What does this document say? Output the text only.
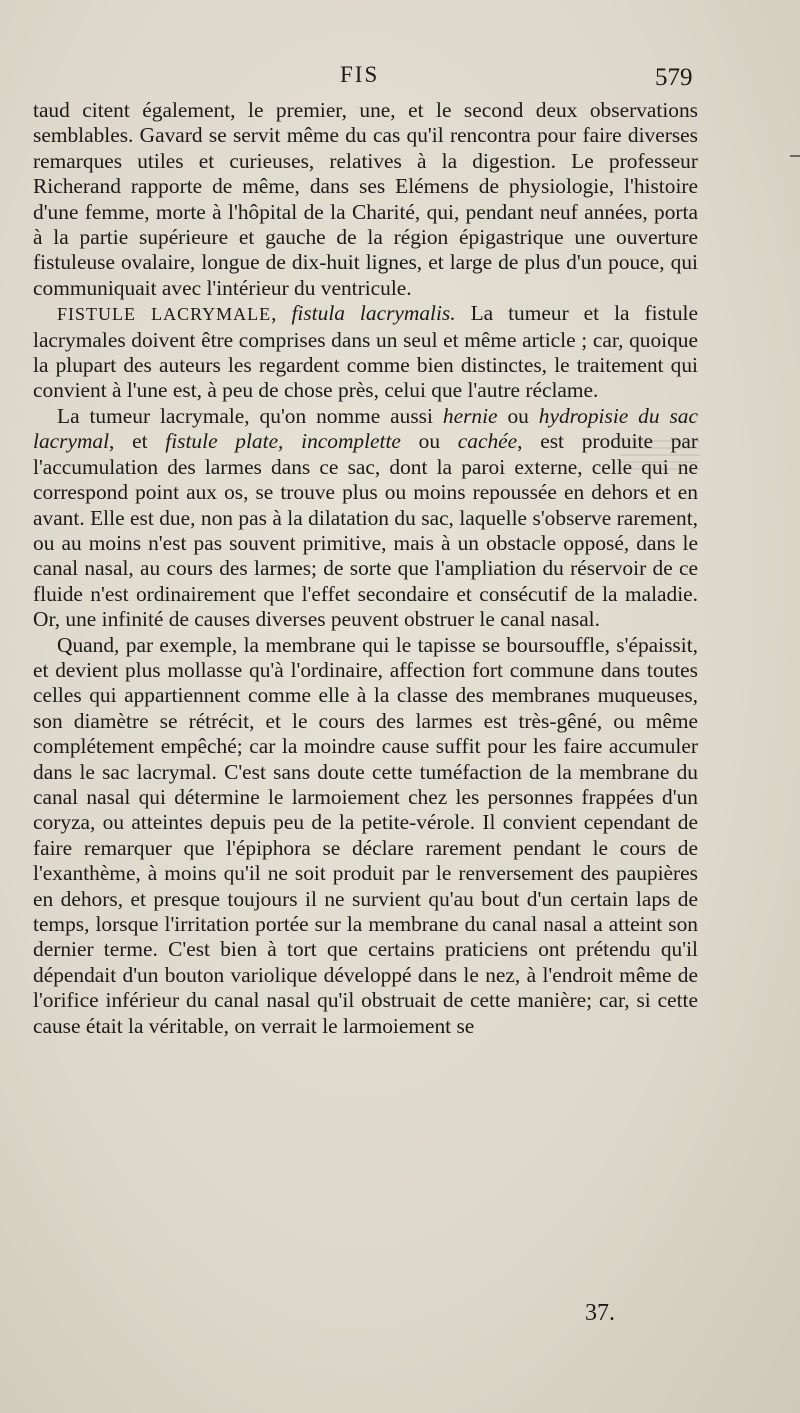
FIS	579

taud citent également, le premier, une, et le second deux observations semblables. Gavard se servit même du cas qu'il rencontra pour faire diverses remarques utiles et curieuses, relatives à la digestion. Le professeur Richerand rapporte de même, dans ses Elémens de physiologie, l'histoire d'une femme, morte à l'hôpital de la Charité, qui, pendant neuf années, porta à la partie supérieure et gauche de la région épigastrique une ouverture fistuleuse ovalaire, longue de dix-huit lignes, et large de plus d'un pouce, qui communiquait avec l'intérieur du ventricule.

FISTULE LACRYMALE, fistula lacrymalis. La tumeur et la fistule lacrymales doivent être comprises dans un seul et même article ; car, quoique la plupart des auteurs les regardent comme bien distinctes, le traitement qui convient à l'une est, à peu de chose près, celui que l'autre réclame.

La tumeur lacrymale, qu'on nomme aussi hernie ou hydropisie du sac lacrymal, et fistule plate, incomplette ou cachée, est produite par l'accumulation des larmes dans ce sac, dont la paroi externe, celle qui ne correspond point aux os, se trouve plus ou moins repoussée en dehors et en avant. Elle est due, non pas à la dilatation du sac, laquelle s'observe rarement, ou au moins n'est pas souvent primitive, mais à un obstacle opposé, dans le canal nasal, au cours des larmes; de sorte que l'ampliation du réservoir de ce fluide n'est ordinairement que l'effet secondaire et consécutif de la maladie. Or, une infinité de causes diverses peuvent obstruer le canal nasal.

Quand, par exemple, la membrane qui le tapisse se boursouffle, s'épaissit, et devient plus mollasse qu'à l'ordinaire, affection fort commune dans toutes celles qui appartiennent comme elle à la classe des membranes muqueuses, son diamètre se rétrécit, et le cours des larmes est très-gêné, ou même complétement empêché; car la moindre cause suffit pour les faire accumuler dans le sac lacrymal. C'est sans doute cette tuméfaction de la membrane du canal nasal qui détermine le larmoiement chez les personnes frappées d'un coryza, ou atteintes depuis peu de la petite-vérole. Il convient cependant de faire remarquer que l'épiphora se déclare rarement pendant le cours de l'exanthème, à moins qu'il ne soit produit par le renversement des paupières en dehors, et presque toujours il ne survient qu'au bout d'un certain laps de temps, lorsque l'irritation portée sur la membrane du canal nasal a atteint son dernier terme. C'est bien à tort que certains praticiens ont prétendu qu'il dépendait d'un bouton variolique développé dans le nez, à l'endroit même de l'orifice inférieur du canal nasal qu'il obstruait de cette manière; car, si cette cause était la véritable, on verrait le larmoiement se

37.
